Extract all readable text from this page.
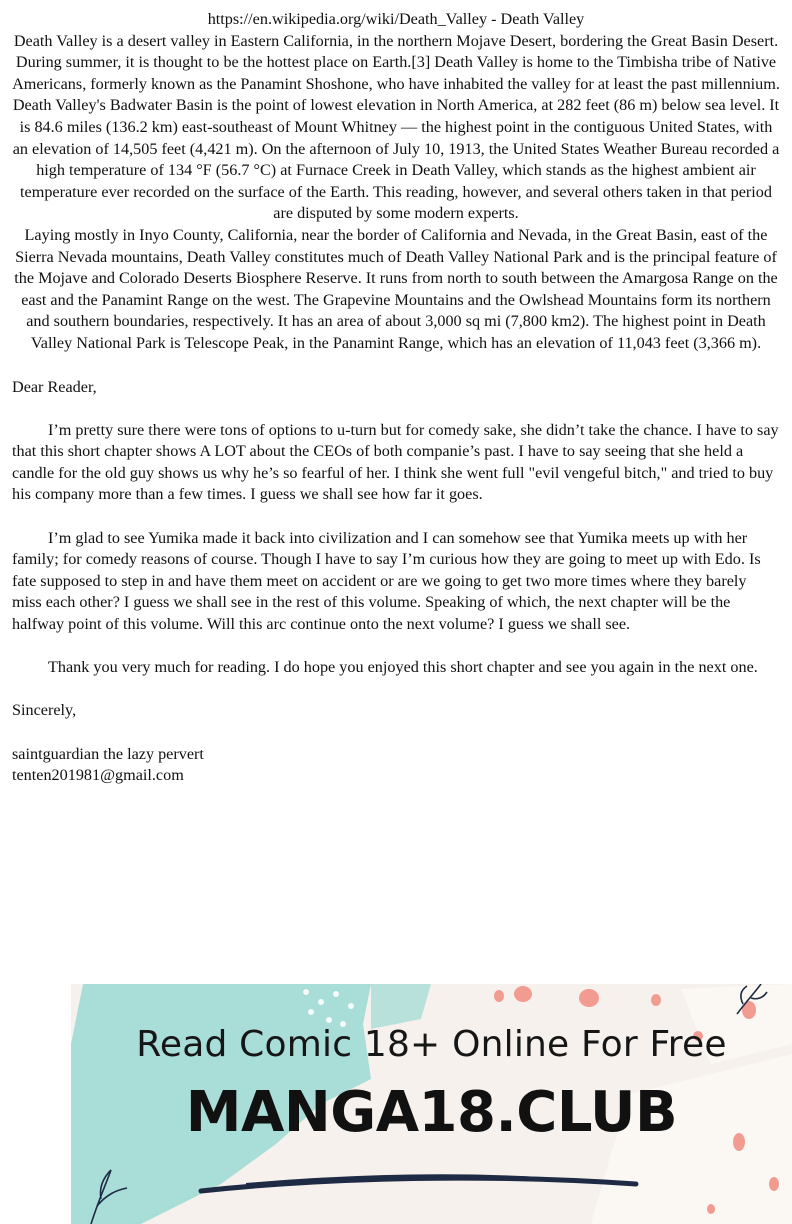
https://en.wikipedia.org/wiki/Death_Valley - Death Valley

Death Valley is a desert valley in Eastern California, in the northern Mojave Desert, bordering the Great Basin Desert. During summer, it is thought to be the hottest place on Earth.[3] Death Valley is home to the Timbisha tribe of Native Americans, formerly known as the Panamint Shoshone, who have inhabited the valley for at least the past millennium.

Death Valley's Badwater Basin is the point of lowest elevation in North America, at 282 feet (86 m) below sea level. It is 84.6 miles (136.2 km) east-southeast of Mount Whitney — the highest point in the contiguous United States, with an elevation of 14,505 feet (4,421 m). On the afternoon of July 10, 1913, the United States Weather Bureau recorded a high temperature of 134 °F (56.7 °C) at Furnace Creek in Death Valley, which stands as the highest ambient air temperature ever recorded on the surface of the Earth. This reading, however, and several others taken in that period are disputed by some modern experts.

Laying mostly in Inyo County, California, near the border of California and Nevada, in the Great Basin, east of the Sierra Nevada mountains, Death Valley constitutes much of Death Valley National Park and is the principal feature of the Mojave and Colorado Deserts Biosphere Reserve. It runs from north to south between the Amargosa Range on the east and the Panamint Range on the west. The Grapevine Mountains and the Owlshead Mountains form its northern and southern boundaries, respectively. It has an area of about 3,000 sq mi (7,800 km2). The highest point in Death Valley National Park is Telescope Peak, in the Panamint Range, which has an elevation of 11,043 feet (3,366 m).

Dear Reader,

I’m pretty sure there were tons of options to u-turn but for comedy sake, she didn’t take the chance. I have to say that this short chapter shows A LOT about the CEOs of both companie’s past. I have to say seeing that she held a candle for the old guy shows us why he’s so fearful of her. I think she went full "evil vengeful bitch," and tried to buy his company more than a few times. I guess we shall see how far it goes.

I’m glad to see Yumika made it back into civilization and I can somehow see that Yumika meets up with her family; for comedy reasons of course. Though I have to say I’m curious how they are going to meet up with Edo. Is fate supposed to step in and have them meet on accident or are we going to get two more times where they barely miss each other? I guess we shall see in the rest of this volume. Speaking of which, the next chapter will be the halfway point of this volume. Will this arc continue onto the next volume? I guess we shall see.

Thank you very much for reading. I do hope you enjoyed this short chapter and see you again in the next one.

Sincerely,

saintguardian the lazy pervert

tenten201981@gmail.com

Read Comic 18+ Online For Free
MANGA18.CLUB
